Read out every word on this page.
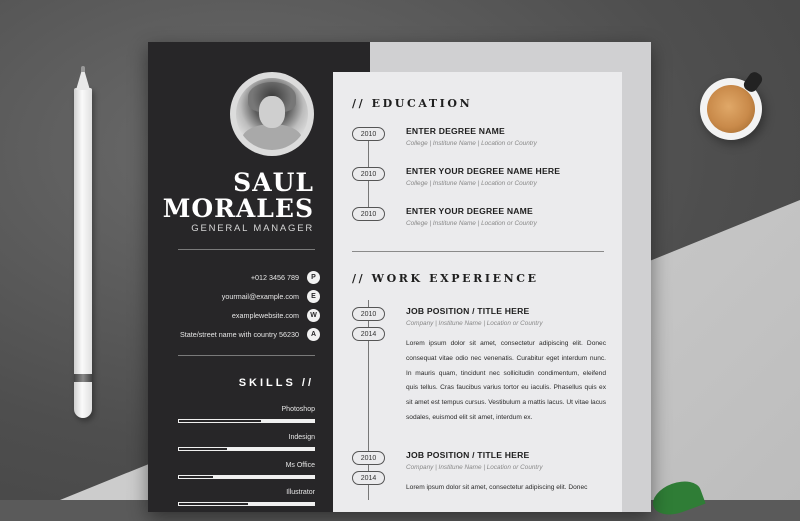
SAUL
MORALES
GENERAL MANAGER
+012 3456 789	P
yourmail@example.com	E
examplewebsite.com	W
State/street name with country 56230	A
SKILLS //
Photoshop
Indesign
Ms Office
Illustrator
// EDUCATION
2010	ENTER DEGREE NAME
College | Institune Name | Location or Country
2010	ENTER YOUR DEGREE NAME HERE
College | Institune Name | Location or Country
2010	ENTER YOUR DEGREE NAME
College | Institune Name | Location or Country
// WORK EXPERIENCE
2010
2014
JOB POSITION / TITLE HERE
Company | Institune Name | Location or Country
Lorem ipsum dolor sit amet, consectetur adipiscing elit. Donec consequat vitae odio nec venenatis. Curabitur eget interdum nunc. In mauris quam, tincidunt nec sollicitudin condimentum, eleifend quis tellus. Cras faucibus varius tortor eu iaculis. Phasellus quis ex sit amet est tempus cursus. Vestibulum a mattis lacus. Ut vitae lacus sodales, euismod elit sit amet, interdum ex.
2010
2014
JOB POSITION / TITLE HERE
Company | Institune Name | Location or Country
Lorem ipsum dolor sit amet, consectetur adipiscing elit. Donec
